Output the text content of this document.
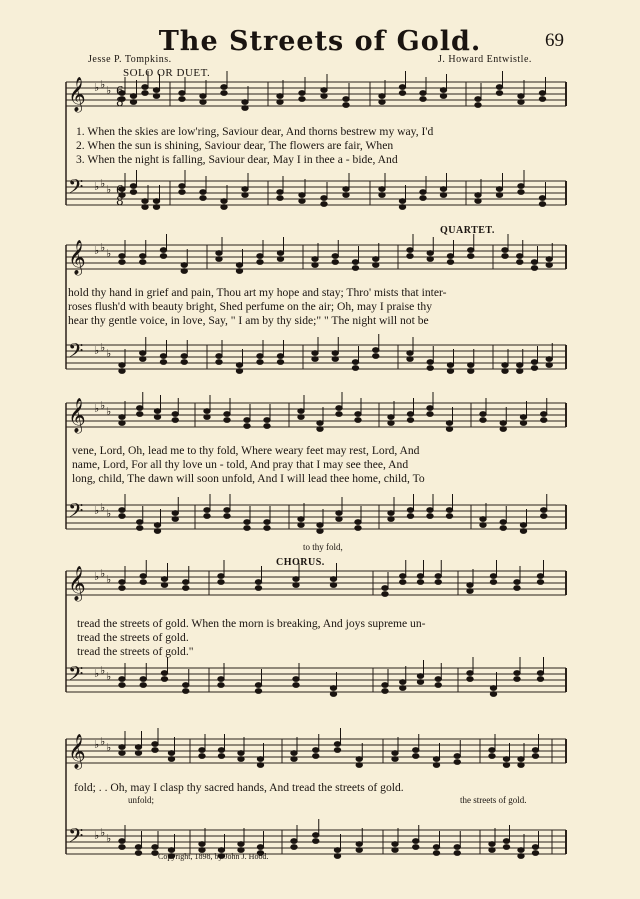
The Streets of Gold.	69
Jesse P. Tompkins.	J. Howard Entwistle.
SOLO OR DUET.
𝄞 ♭ ♭ ♭
𝄢 ♭ ♭ ♭
𝄞 ♭ ♭ ♭
𝄢 ♭ ♭ ♭
𝄞 ♭ ♭ ♭
𝄢 ♭ ♭ ♭
𝄞 ♭ ♭ ♭
𝄢 ♭ ♭ ♭
𝄞 ♭ ♭ ♭
𝄢 ♭ ♭ ♭
6
8
6
8
1. When the skies are low'ring, Saviour dear, And thorns bestrew my way, I'd
2. When the sun is shining, Saviour dear, The flowers are fair, When
3. When the night is falling, Saviour dear, May I in thee a - bide, And
QUARTET.
hold thy hand in grief and pain, Thou art my hope and stay; Thro' mists that inter-
roses flush'd with beauty bright, Shed perfume on the air; Oh, may I praise thy
hear thy gentle voice, in love, Say, " I am by thy side;" " The night will not be
vene, Lord, Oh, lead me to thy fold, Where weary feet may rest, Lord, And
name, Lord, For all thy love un - told, And pray that I may see thee, And
long, child, The dawn will soon unfold, And I will lead thee home, child, To
to thy fold,
CHORUS.
tread the streets of gold. When the morn is breaking, And joys supreme un-
tread the streets of gold.
tread the streets of gold."
fold; . . Oh, may I clasp thy sacred hands, And tread the streets of gold.
unfold;	the streets of gold.
Copyright, 1898, by John J. Hood.
